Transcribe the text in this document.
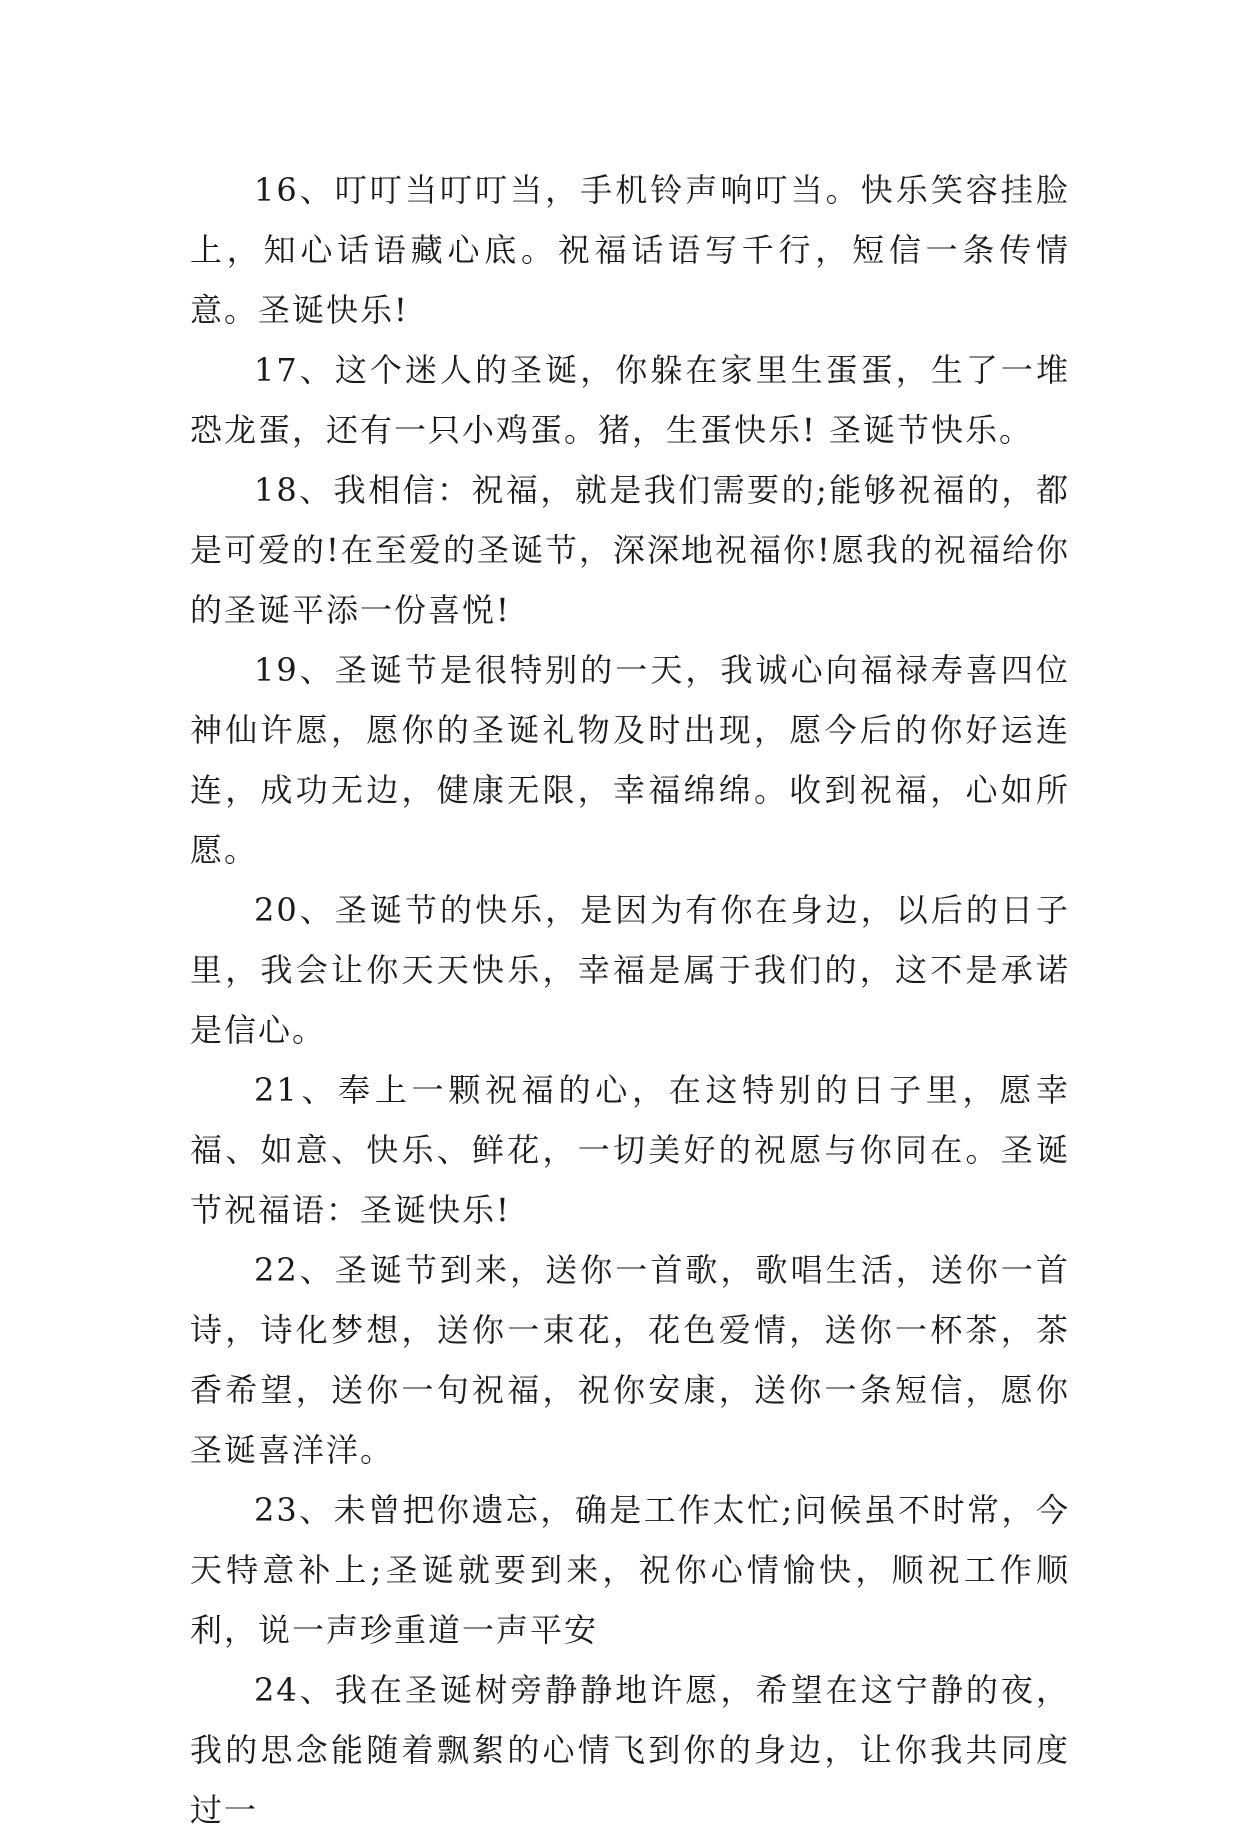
16、叮叮当叮叮当，手机铃声响叮当。快乐笑容挂脸上，知心话语藏心底。祝福话语写千行，短信一条传情意。圣诞快乐!

17、这个迷人的圣诞，你躲在家里生蛋蛋，生了一堆恐龙蛋，还有一只小鸡蛋。猪，生蛋快乐! 圣诞节快乐。

18、我相信：祝福，就是我们需要的;能够祝福的，都是可爱的!在至爱的圣诞节，深深地祝福你!愿我的祝福给你的圣诞平添一份喜悦!

19、圣诞节是很特别的一天，我诚心向福禄寿喜四位神仙许愿，愿你的圣诞礼物及时出现，愿今后的你好运连连，成功无边，健康无限，幸福绵绵。收到祝福，心如所愿。

20、圣诞节的快乐，是因为有你在身边，以后的日子里，我会让你天天快乐，幸福是属于我们的，这不是承诺是信心。

21、奉上一颗祝福的心，在这特别的日子里，愿幸福、如意、快乐、鲜花，一切美好的祝愿与你同在。圣诞节祝福语：圣诞快乐!

22、圣诞节到来，送你一首歌，歌唱生活，送你一首诗，诗化梦想，送你一束花，花色爱情，送你一杯茶，茶香希望，送你一句祝福，祝你安康，送你一条短信，愿你圣诞喜洋洋。

23、未曾把你遗忘，确是工作太忙;问候虽不时常，今天特意补上;圣诞就要到来，祝你心情愉快，顺祝工作顺利，说一声珍重道一声平安

24、我在圣诞树旁静静地许愿，希望在这宁静的夜，我的思念能随着飘絮的心情飞到你的身边，让你我共同度过一
